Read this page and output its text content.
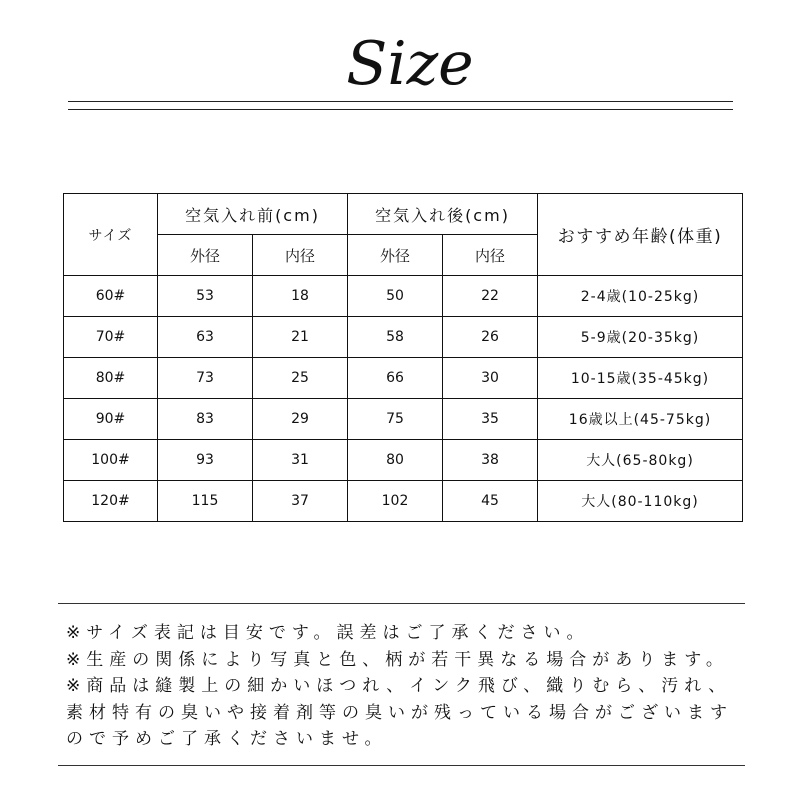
Size
サイズ	空気入れ前(cm)		空気入れ後(cm)		おすすめ年齢(体重)
	外径	内径	外径	内径	
60#	53	18	50	22	2-4歳(10-25kg)
70#	63	21	58	26	5-9歳(20-35kg)
80#	73	25	66	30	10-15歳(35-45kg)
90#	83	29	75	35	16歳以上(45-75kg)
100#	93	31	80	38	大人(65-80kg)
120#	115	37	102	45	大人(80-110kg)
※サイズ表記は目安です。誤差はご了承ください。
※生産の関係により写真と色、柄が若干異なる場合があります。
※商品は縫製上の細かいほつれ、インク飛び、織りむら、汚れ、
素材特有の臭いや接着剤等の臭いが残っている場合がございます
ので予めご了承くださいませ。
